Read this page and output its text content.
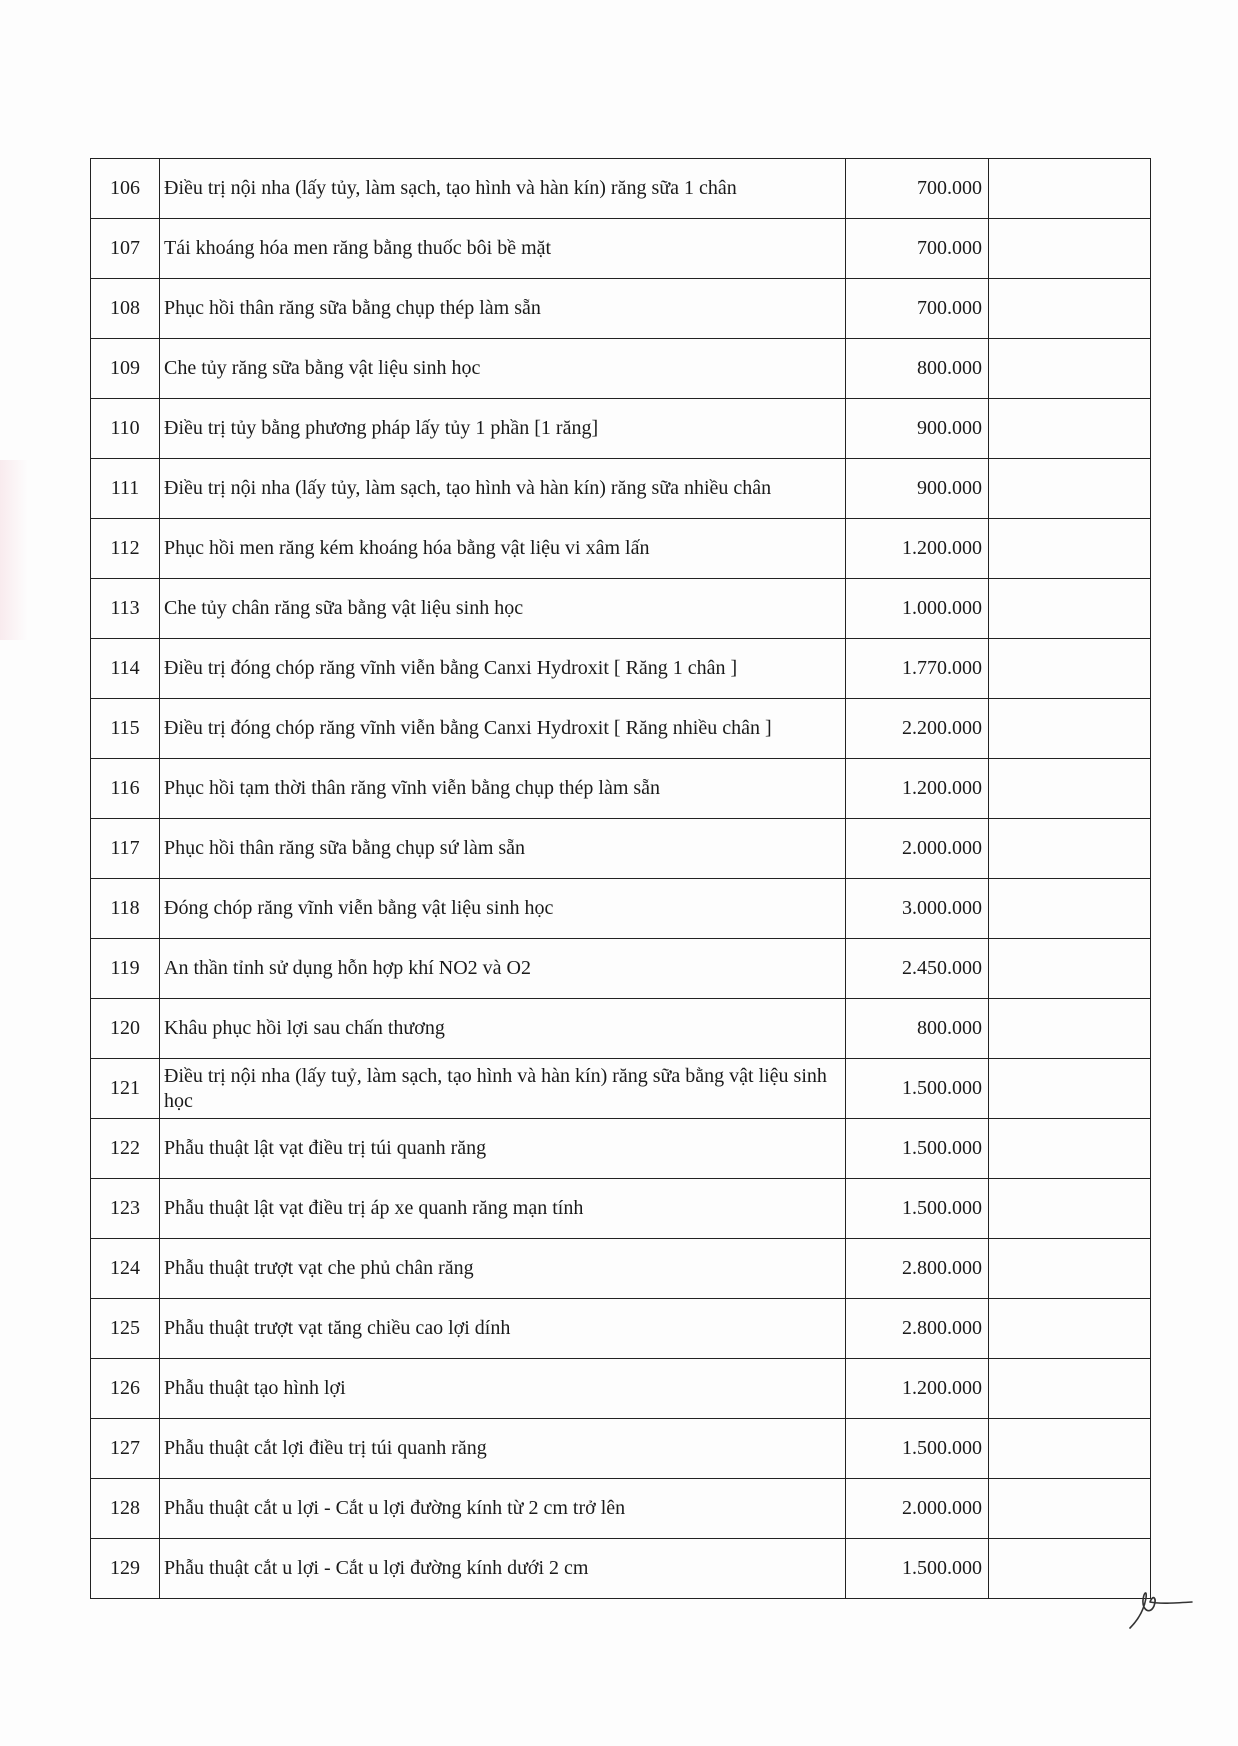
106	Điều trị nội nha (lấy tủy, làm sạch, tạo hình và hàn kín) răng sữa 1 chân	700.000	
107	Tái khoáng hóa men răng bằng thuốc bôi bề mặt	700.000	
108	Phục hồi thân răng sữa bằng chụp thép làm sẵn	700.000	
109	Che tủy răng sữa bằng vật liệu sinh học	800.000	
110	Điều trị tủy bằng phương pháp lấy tủy 1 phần [1 răng]	900.000	
111	Điều trị nội nha (lấy tủy, làm sạch, tạo hình và hàn kín) răng sữa nhiều chân	900.000	
112	Phục hồi men răng kém khoáng hóa bằng vật liệu vi xâm lấn	1.200.000	
113	Che tủy chân răng sữa bằng vật liệu sinh học	1.000.000	
114	Điều trị đóng chóp răng vĩnh viễn bằng Canxi Hydroxit [ Răng 1 chân ]	1.770.000	
115	Điều trị đóng chóp răng vĩnh viễn bằng Canxi Hydroxit [ Răng nhiều chân ]	2.200.000	
116	Phục hồi tạm thời thân răng vĩnh viễn bằng chụp thép làm sẵn	1.200.000	
117	Phục hồi thân răng sữa bằng chụp sứ làm sẵn	2.000.000	
118	Đóng chóp răng vĩnh viễn bằng vật liệu sinh học	3.000.000	
119	An thần tỉnh sử dụng hỗn hợp khí NO2 và O2	2.450.000	
120	Khâu phục hồi lợi sau chấn thương	800.000	
121	Điều trị nội nha (lấy tuỷ, làm sạch, tạo hình và hàn kín) răng sữa bằng vật liệu sinh học	1.500.000	
122	Phẫu thuật lật vạt điều trị túi quanh răng	1.500.000	
123	Phẫu thuật lật vạt điều trị áp xe quanh răng mạn tính	1.500.000	
124	Phẫu thuật trượt vạt che phủ chân răng	2.800.000	
125	Phẫu thuật trượt vạt tăng chiều cao lợi dính	2.800.000	
126	Phẫu thuật tạo hình lợi	1.200.000	
127	Phẫu thuật cắt lợi điều trị túi quanh răng	1.500.000	
128	Phẫu thuật cắt u lợi - Cắt u lợi đường kính từ 2 cm trở lên	2.000.000	
129	Phẫu thuật cắt u lợi - Cắt u lợi đường kính dưới 2 cm	1.500.000	
